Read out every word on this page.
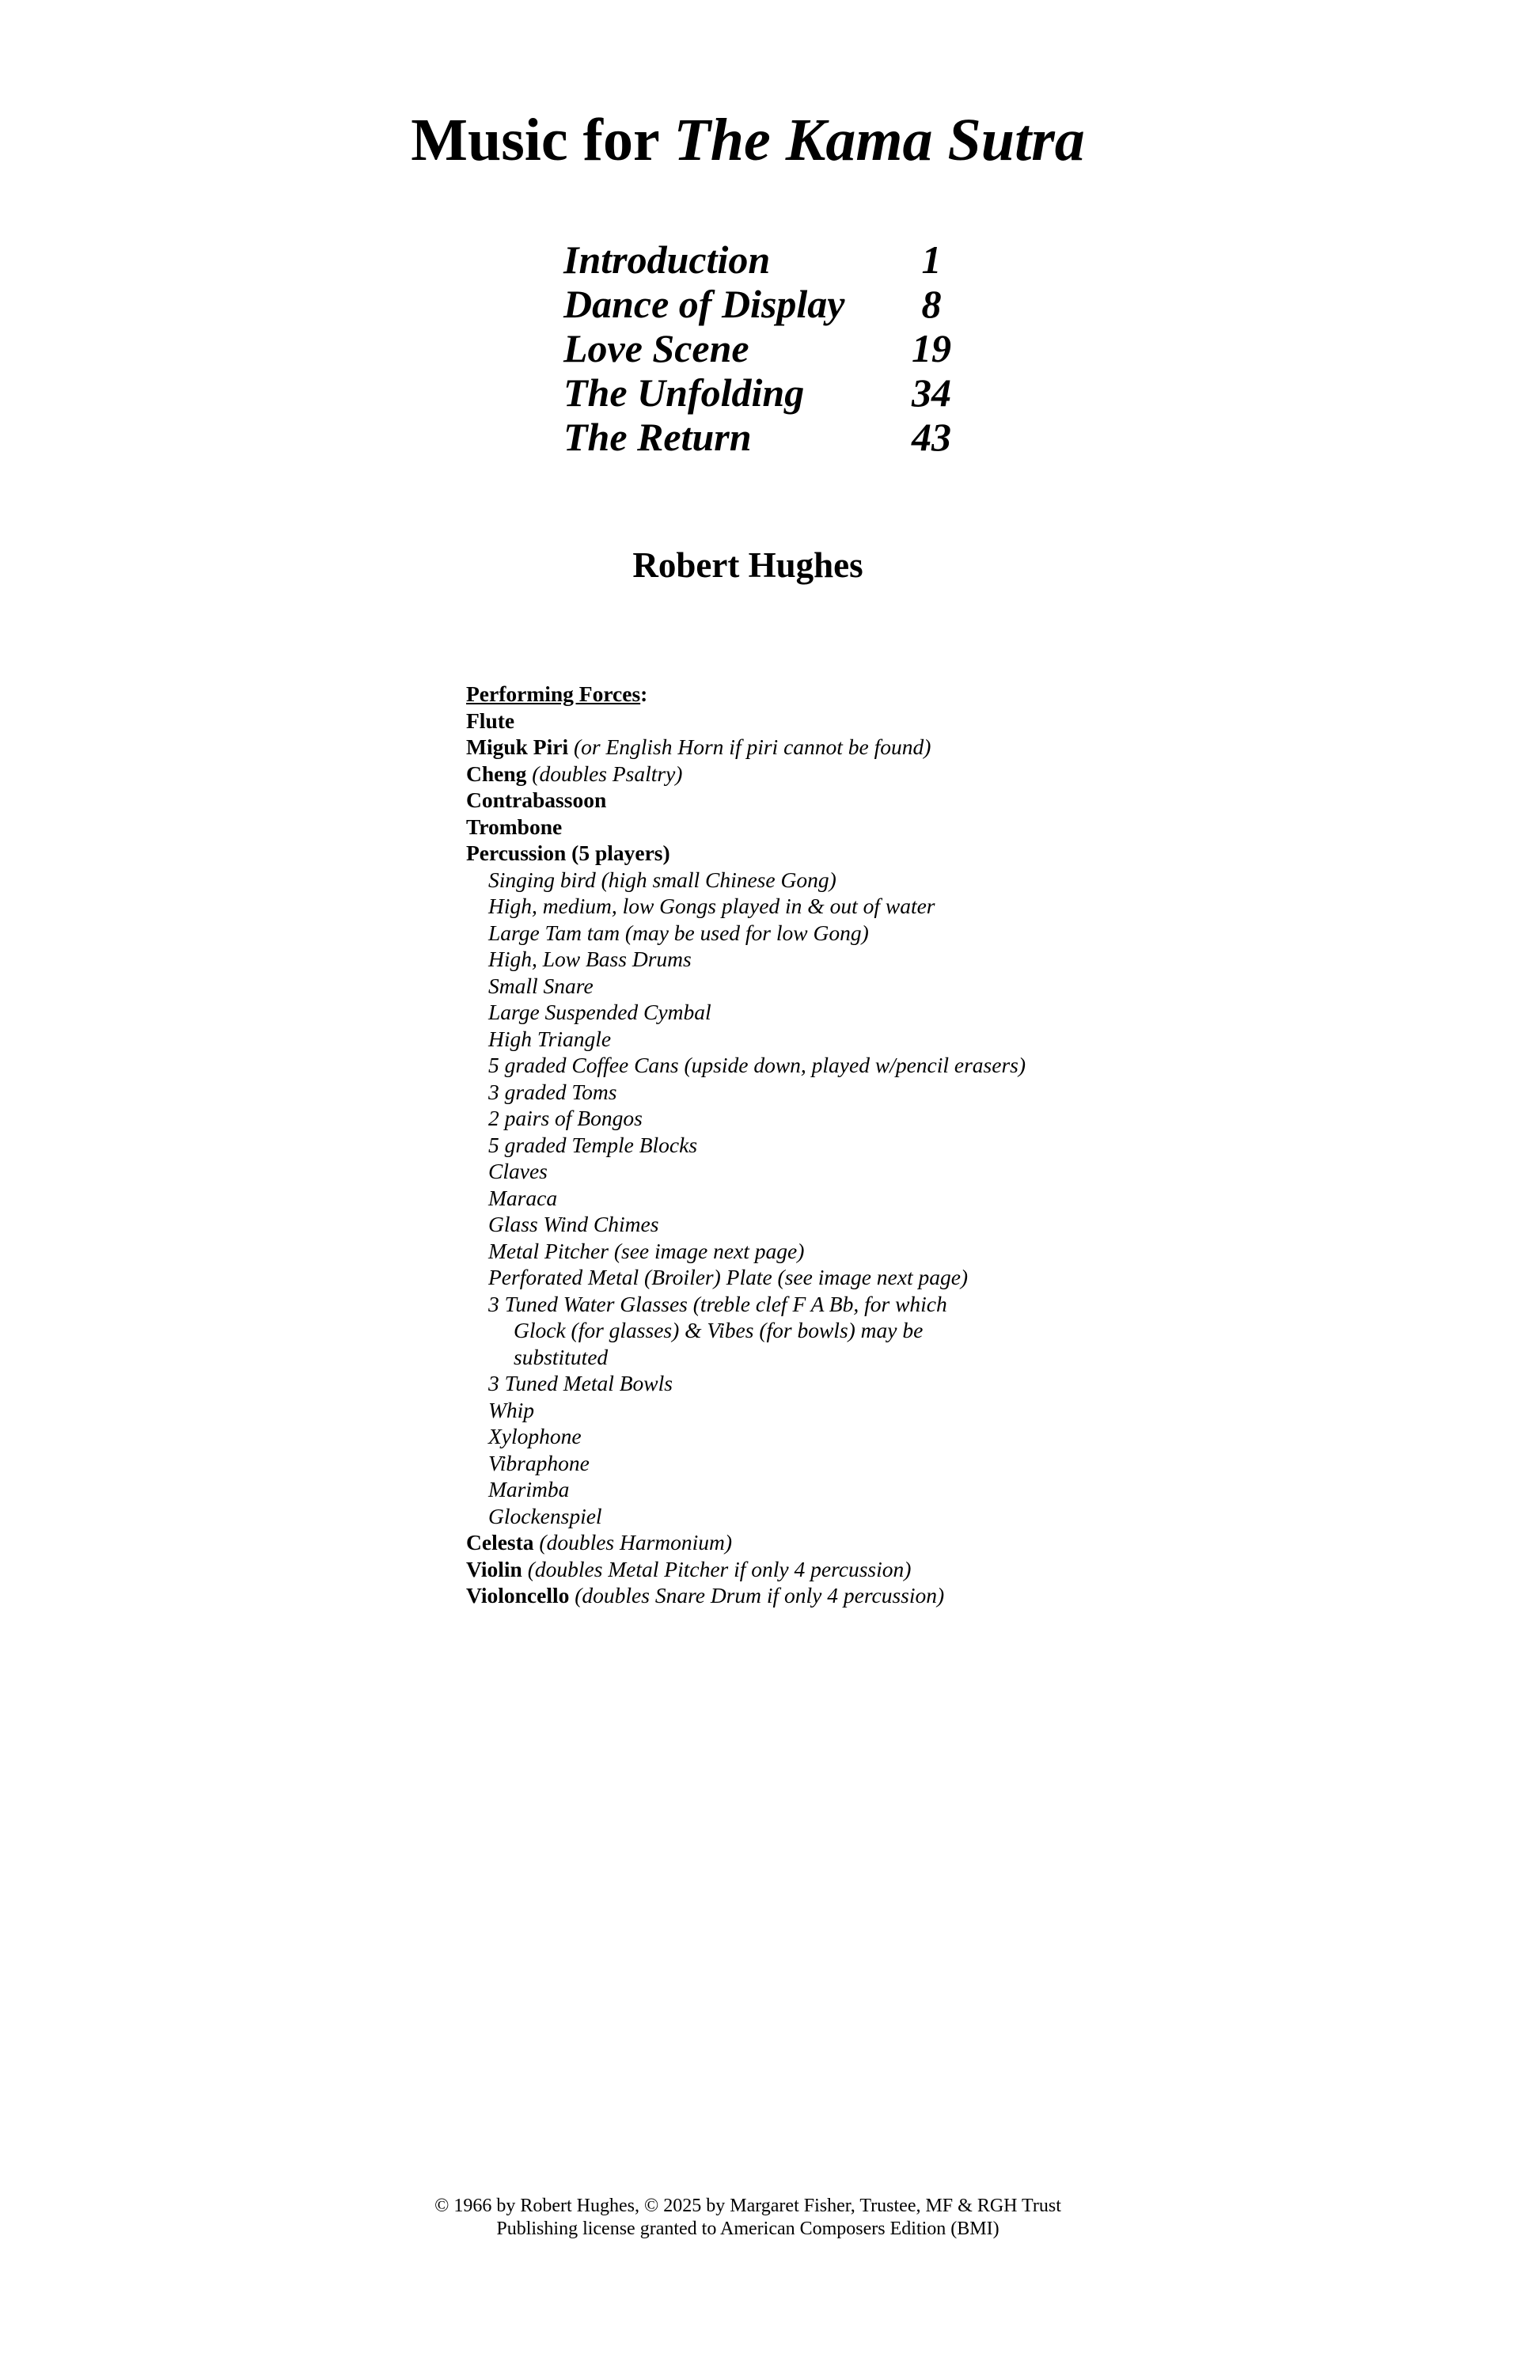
Music for The Kama Sutra
Introduction	1
Dance of Display	8
Love Scene	19
The Unfolding	34
The Return	43
Robert Hughes
Performing Forces:
Flute
Miguk Piri (or English Horn if piri cannot be found)
Cheng (doubles Psaltry)
Contrabassoon
Trombone
Percussion (5 players)
Singing bird (high small Chinese Gong)
High, medium, low Gongs played in & out of water
Large Tam tam (may be used for low Gong)
High, Low Bass Drums
Small Snare
Large Suspended Cymbal
High Triangle
5 graded Coffee Cans (upside down, played w/pencil erasers)
3 graded Toms
2 pairs of Bongos
5 graded Temple Blocks
Claves
Maraca
Glass Wind Chimes
Metal Pitcher (see image next page)
Perforated Metal (Broiler) Plate (see image next page)
3 Tuned Water Glasses (treble clef F A Bb, for which
Glock (for glasses) & Vibes (for bowls) may be
substituted
3 Tuned Metal Bowls
Whip
Xylophone
Vibraphone
Marimba
Glockenspiel
Celesta (doubles Harmonium)
Violin (doubles Metal Pitcher if only 4 percussion)
Violoncello (doubles Snare Drum if only 4 percussion)
© 1966 by Robert Hughes, © 2025 by Margaret Fisher, Trustee, MF & RGH Trust
Publishing license granted to American Composers Edition (BMI)
